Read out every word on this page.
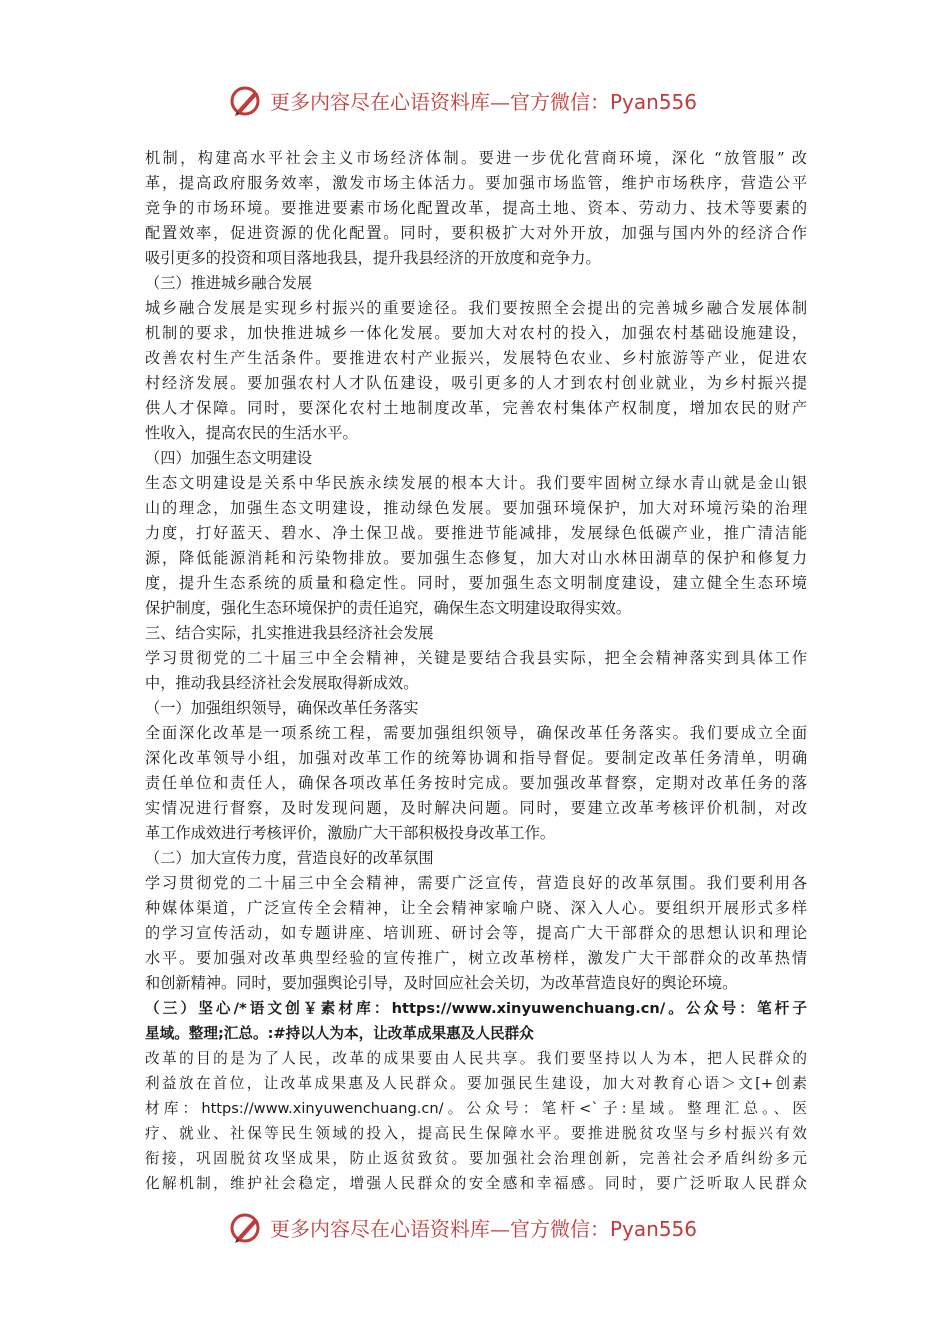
更多内容尽在心语资料库—官方微信：Pyan556
机制，构建高水平社会主义市场经济体制。要进一步优化营商环境，深化 “放管服” 改
革，提高政府服务效率，激发市场主体活力。要加强市场监管，维护市场秩序，营造公平
竞争的市场环境。要推进要素市场化配置改革，提高土地、资本、劳动力、技术等要素的
配置效率，促进资源的优化配置。同时，要积极扩大对外开放，加强与国内外的经济合作
吸引更多的投资和项目落地我县，提升我县经济的开放度和竞争力。
（三）推进城乡融合发展
城乡融合发展是实现乡村振兴的重要途径。我们要按照全会提出的完善城乡融合发展体制
机制的要求，加快推进城乡一体化发展。要加大对农村的投入，加强农村基础设施建设，
改善农村生产生活条件。要推进农村产业振兴，发展特色农业、乡村旅游等产业，促进农
村经济发展。要加强农村人才队伍建设，吸引更多的人才到农村创业就业，为乡村振兴提
供人才保障。同时，要深化农村土地制度改革，完善农村集体产权制度，增加农民的财产
性收入，提高农民的生活水平。
（四）加强生态文明建设
生态文明建设是关系中华民族永续发展的根本大计。我们要牢固树立绿水青山就是金山银
山的理念，加强生态文明建设，推动绿色发展。要加强环境保护，加大对环境污染的治理
力度，打好蓝天、碧水、净土保卫战。要推进节能减排，发展绿色低碳产业，推广清洁能
源，降低能源消耗和污染物排放。要加强生态修复，加大对山水林田湖草的保护和修复力
度，提升生态系统的质量和稳定性。同时，要加强生态文明制度建设，建立健全生态环境
保护制度，强化生态环境保护的责任追究，确保生态文明建设取得实效。
三、结合实际，扎实推进我县经济社会发展
学习贯彻党的二十届三中全会精神，关键是要结合我县实际，把全会精神落实到具体工作
中，推动我县经济社会发展取得新成效。
（一）加强组织领导，确保改革任务落实
全面深化改革是一项系统工程，需要加强组织领导，确保改革任务落实。我们要成立全面
深化改革领导小组，加强对改革工作的统筹协调和指导督促。要制定改革任务清单，明确
责任单位和责任人，确保各项改革任务按时完成。要加强改革督察，定期对改革任务的落
实情况进行督察，及时发现问题，及时解决问题。同时，要建立改革考核评价机制，对改
革工作成效进行考核评价，激励广大干部积极投身改革工作。
（二）加大宣传力度，营造良好的改革氛围
学习贯彻党的二十届三中全会精神，需要广泛宣传，营造良好的改革氛围。我们要利用各
种媒体渠道，广泛宣传全会精神，让全会精神家喻户晓、深入人心。要组织开展形式多样
的学习宣传活动，如专题讲座、培训班、研讨会等，提高广大干部群众的思想认识和理论
水平。要加强对改革典型经验的宣传推广，树立改革榜样，激发广大干部群众的改革热情
和创新精神。同时，要加强舆论引导，及时回应社会关切，为改革营造良好的舆论环境。
（三）坚心/*语文创￥素材库：https://www.xinyuwenchuang.cn/。公众号：笔杆子
星域。整理;汇总。:#持以人为本，让改革成果惠及人民群众
改革的目的是为了人民，改革的成果要由人民共享。我们要坚持以人为本，把人民群众的
利益放在首位，让改革成果惠及人民群众。要加强民生建设，加大对教育心语＞文[+创素
材库：https://www.xinyuwenchuang.cn/。公众号：笔杆<`子:星域。整理汇总。、医
疗、就业、社保等民生领域的投入，提高民生保障水平。要推进脱贫攻坚与乡村振兴有效
衔接，巩固脱贫攻坚成果，防止返贫致贫。要加强社会治理创新，完善社会矛盾纠纷多元
化解机制，维护社会稳定，增强人民群众的安全感和幸福感。同时，要广泛听取人民群众
更多内容尽在心语资料库—官方微信：Pyan556
